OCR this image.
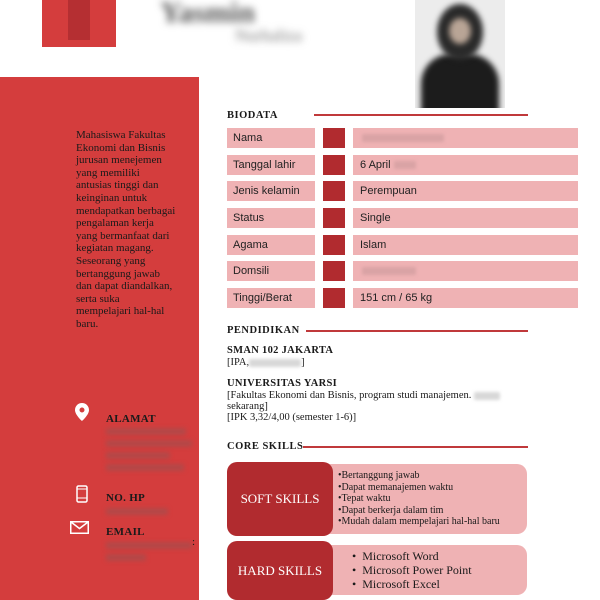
Yasmin
Nurhaliza
Mahasiswa Fakultas Ekonomi dan Bisnis jurusan menejemen yang memiliki antusias tinggi dan keinginan untuk mendapatkan berbagai pengalaman kerja yang bermanfaat dari kegiatan magang. Seseorang yang bertanggung jawab dan dapat diandalkan, serta suka mempelajari hal-hal baru.
ALAMAT
NO. HP
EMAIL
:
BIODATA
Nama
Tanggal lahir	6 April
Jenis kelamin	Perempuan
Status	Single
Agama	Islam
Domsili
Tinggi/Berat	151 cm / 65 kg
PENDIDIKAN
SMAN 102 JAKARTA
[IPA,	]
UNIVERSITAS YARSI
[Fakultas Ekonomi dan Bisnis, program studi manajemen.
sekarang]
[IPK 3,32/4,00 (semester 1-6)]
CORE SKILLS
SOFT SKILLS
•Bertanggung jawab
•Dapat memanajemen waktu
•Tepat waktu
•Dapat berkerja dalam tim
•Mudah dalam mempelajari hal-hal baru
HARD SKILLS
•  Microsoft Word
•  Microsoft Power Point
•  Microsoft Excel
